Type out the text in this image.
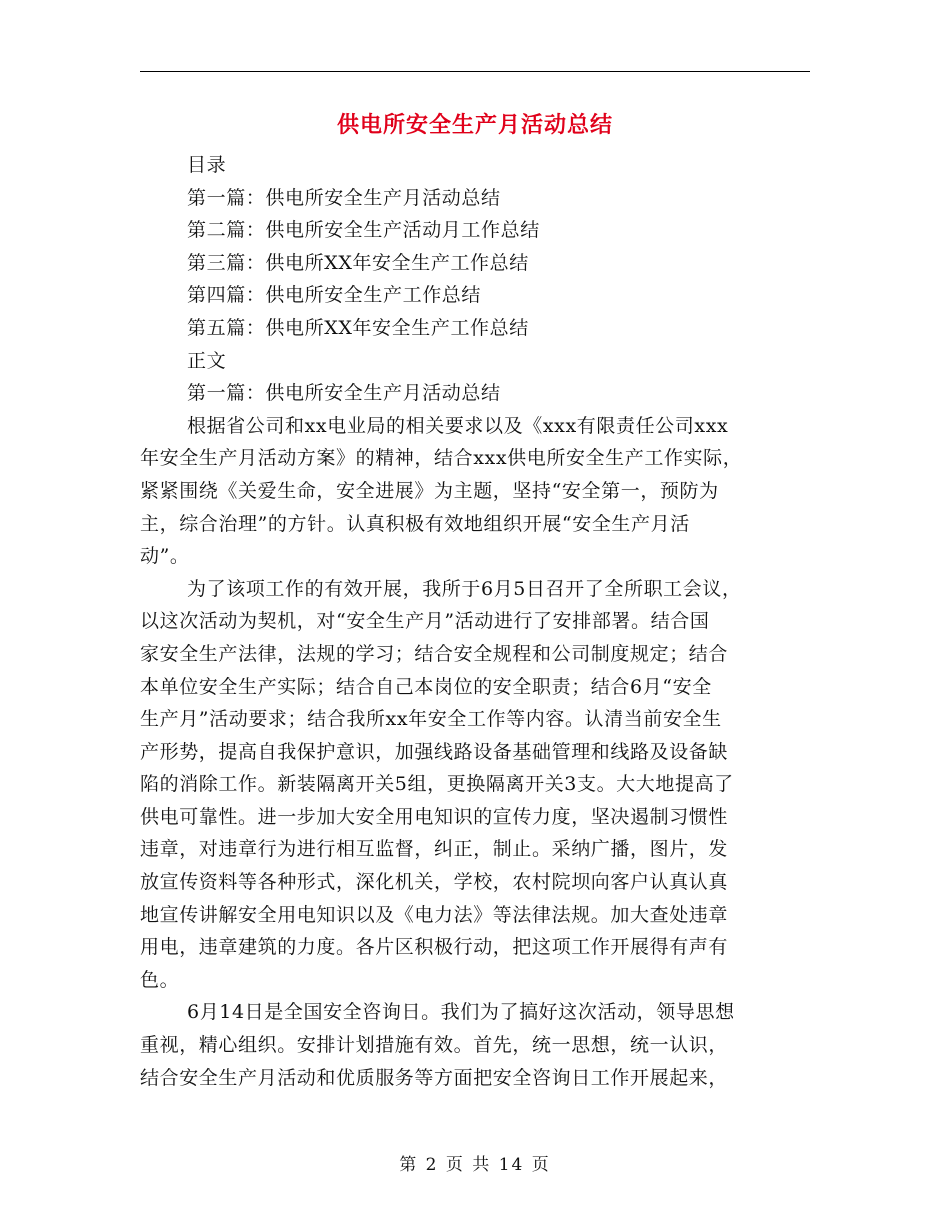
供电所安全生产月活动总结
目录
第一篇：供电所安全生产月活动总结
第二篇：供电所安全生产活动月工作总结
第三篇：供电所XX年安全生产工作总结
第四篇：供电所安全生产工作总结
第五篇：供电所XX年安全生产工作总结
正文
第一篇：供电所安全生产月活动总结
根据省公司和xx电业局的相关要求以及《xxx有限责任公司xxx
年安全生产月活动方案》的精神，结合xxx供电所安全生产工作实际，
紧紧围绕《关爱生命，安全进展》为主题，坚持“安全第一，预防为
主，综合治理”的方针。认真积极有效地组织开展“安全生产月活
动”。
为了该项工作的有效开展，我所于6月5日召开了全所职工会议，
以这次活动为契机，对“安全生产月”活动进行了安排部署。结合国
家安全生产法律，法规的学习；结合安全规程和公司制度规定；结合
本单位安全生产实际；结合自己本岗位的安全职责；结合6月“安全
生产月”活动要求；结合我所xx年安全工作等内容。认清当前安全生
产形势，提高自我保护意识，加强线路设备基础管理和线路及设备缺
陷的消除工作。新装隔离开关5组，更换隔离开关3支。大大地提高了
供电可靠性。进一步加大安全用电知识的宣传力度，坚决遏制习惯性
违章，对违章行为进行相互监督，纠正，制止。采纳广播，图片，发
放宣传资料等各种形式，深化机关，学校，农村院坝向客户认真认真
地宣传讲解安全用电知识以及《电力法》等法律法规。加大查处违章
用电，违章建筑的力度。各片区积极行动，把这项工作开展得有声有
色。
6月14日是全国安全咨询日。我们为了搞好这次活动，领导思想
重视，精心组织。安排计划措施有效。首先，统一思想，统一认识，
结合安全生产月活动和优质服务等方面把安全咨询日工作开展起来，
第 2 页 共 14 页
